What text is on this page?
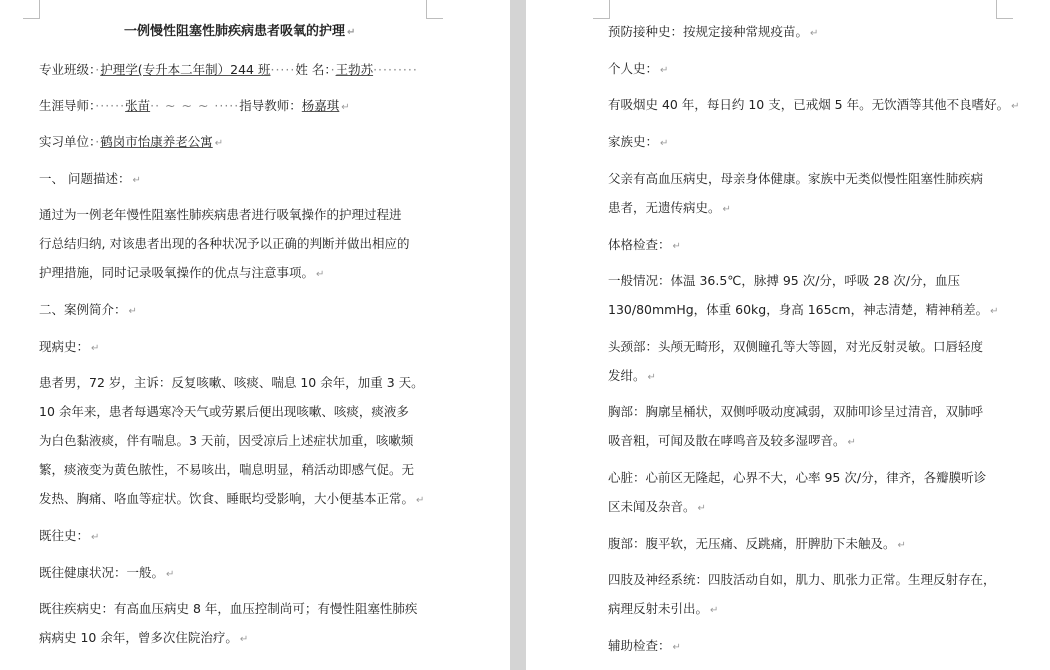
一例慢性阻塞性肺疾病患者吸氧的护理 ↵
专业班级：·护理学(专升本二年制）244 班·····姓 名：·王勃苏·········
生涯导师：······张苗·· ~ ~ ~ ·····指导教师：杨嘉琪 ↵
实习单位：·鹤岗市怡康养老公寓 ↵
一、 问题描述： ↵
通过为一例老年慢性阻塞性肺疾病患者进行吸氧操作的护理过程进
行总结归纳, 对该患者出现的各种状况予以正确的判断并做出相应的
护理措施，同时记录吸氧操作的优点与注意事项。 ↵
二、案例简介： ↵
现病史： ↵
患者男，72 岁，主诉：反复咳嗽、咳痰、喘息 10 余年，加重 3 天。
10 余年来，患者每遇寒冷天气或劳累后便出现咳嗽、咳痰，痰液多
为白色黏液痰，伴有喘息。3 天前，因受凉后上述症状加重，咳嗽频
繁，痰液变为黄色脓性，不易咳出，喘息明显，稍活动即感气促。无
发热、胸痛、咯血等症状。饮食、睡眠均受影响，大小便基本正常。 ↵
既往史： ↵
既往健康状况：一般。 ↵
既往疾病史：有高血压病史 8 年，血压控制尚可；有慢性阻塞性肺疾
病病史 10 余年，曾多次住院治疗。 ↵
预防接种史：按规定接种常规疫苗。 ↵
个人史： ↵
有吸烟史 40 年，每日约 10 支，已戒烟 5 年。无饮酒等其他不良嗜好。 ↵
家族史： ↵
父亲有高血压病史，母亲身体健康。家族中无类似慢性阻塞性肺疾病
患者，无遗传病史。 ↵
体格检查： ↵
一般情况：体温 36.5℃，脉搏 95 次/分，呼吸 28 次/分，血压
130/80mmHg，体重 60kg，身高 165cm，神志清楚，精神稍差。 ↵
头颈部：头颅无畸形，双侧瞳孔等大等圆，对光反射灵敏。口唇轻度
发绀。 ↵
胸部：胸廓呈桶状，双侧呼吸动度减弱，双肺叩诊呈过清音，双肺呼
吸音粗，可闻及散在哮鸣音及较多湿啰音。 ↵
心脏：心前区无隆起，心界不大，心率 95 次/分，律齐，各瓣膜听诊
区未闻及杂音。 ↵
腹部：腹平软，无压痛、反跳痛，肝脾肋下未触及。 ↵
四肢及神经系统：四肢活动自如，肌力、肌张力正常。生理反射存在，
病理反射未引出。 ↵
辅助检查： ↵
